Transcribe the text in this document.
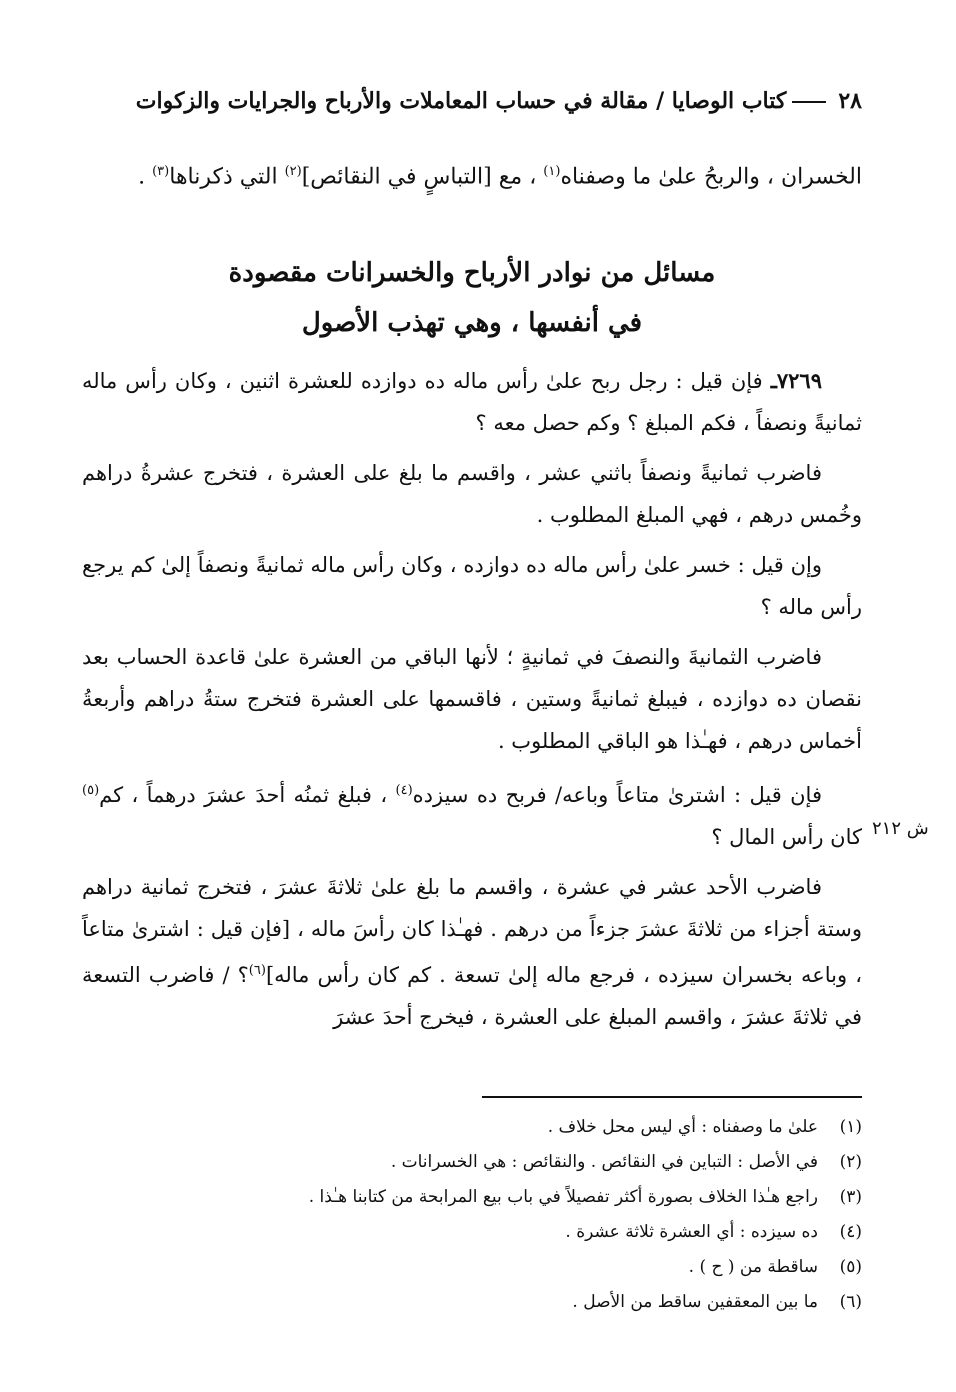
٢٨كتاب الوصايا / مقالة في حساب المعاملات والأرباح والجرايات والزكوات
الخسران ، والربحُ علىٰ ما وصفناه$^{(١)}$ ، مع [التباسٍ في النقائص]$^{(٢)}$ التي ذكرناها$^{(٣)}$ .
مسائل من نوادر الأرباح والخسرانات مقصودة
في أنفسها ، وهي تهذب الأصول

٧٢٦٩ـ فإن قيل : رجل ربح علىٰ رأس ماله ده دوازده للعشرة اثنين ، وكان رأس ماله ثمانيةً ونصفاً ، فكم المبلغ ؟ وكم حصل معه ؟

فاضرب ثمانيةً ونصفاً باثني عشر ، واقسم ما بلغ على العشرة ، فتخرج عشرةُ دراهم وخُمس درهم ، فهي المبلغ المطلوب .

وإن قيل : خسر علىٰ رأس ماله ده دوازده ، وكان رأس ماله ثمانيةً ونصفاً إلىٰ كم يرجع رأس ماله ؟

فاضرب الثمانيةَ والنصفَ في ثمانيةٍ ؛ لأنها الباقي من العشرة علىٰ قاعدة الحساب بعد نقصان ده دوازده ، فيبلغ ثمانيةً وستين ، فاقسمها على العشرة فتخرج ستةُ دراهم وأربعةُ أخماس درهم ، فهـٰذا هو الباقي المطلوب .

فإن قيل : اشترىٰ متاعاً وباعه/ فربح ده سيزده$^{(٤)}$ ، فبلغ ثمنُه أحدَ عشرَ درهماً ، كم$^{(٥)}$ كان رأس المال ؟

فاضرب الأحد عشر في عشرة ، واقسم ما بلغ علىٰ ثلاثةَ عشرَ ، فتخرج ثمانية دراهم وستة أجزاء من ثلاثةَ عشرَ جزءاً من درهم . فهـٰذا كان رأسَ ماله ، [فإن قيل : اشترىٰ متاعاً ، وباعه بخسران سيزده ، فرجع ماله إلىٰ تسعة . كم كان رأس ماله]$^{(٦)}$؟ / فاضرب التسعة في ثلاثةَ عشرَ ، واقسم المبلغ على العشرة ، فيخرج أحدَ عشرَ

ش ٢١٢
(١)
علىٰ ما وصفناه : أي ليس محل خلاف .
(٢)
في الأصل : التباين في النقائص . والنقائص : هي الخسرانات .
(٣)
راجع هـٰذا الخلاف بصورة أكثر تفصيلاً في باب بيع المرابحة من كتابنا هـٰذا .
(٤)
ده سيزده : أي العشرة ثلاثة عشرة .
(٥)
ساقطة من ( ح ) .
(٦)
ما بين المعقفين ساقط من الأصل .
